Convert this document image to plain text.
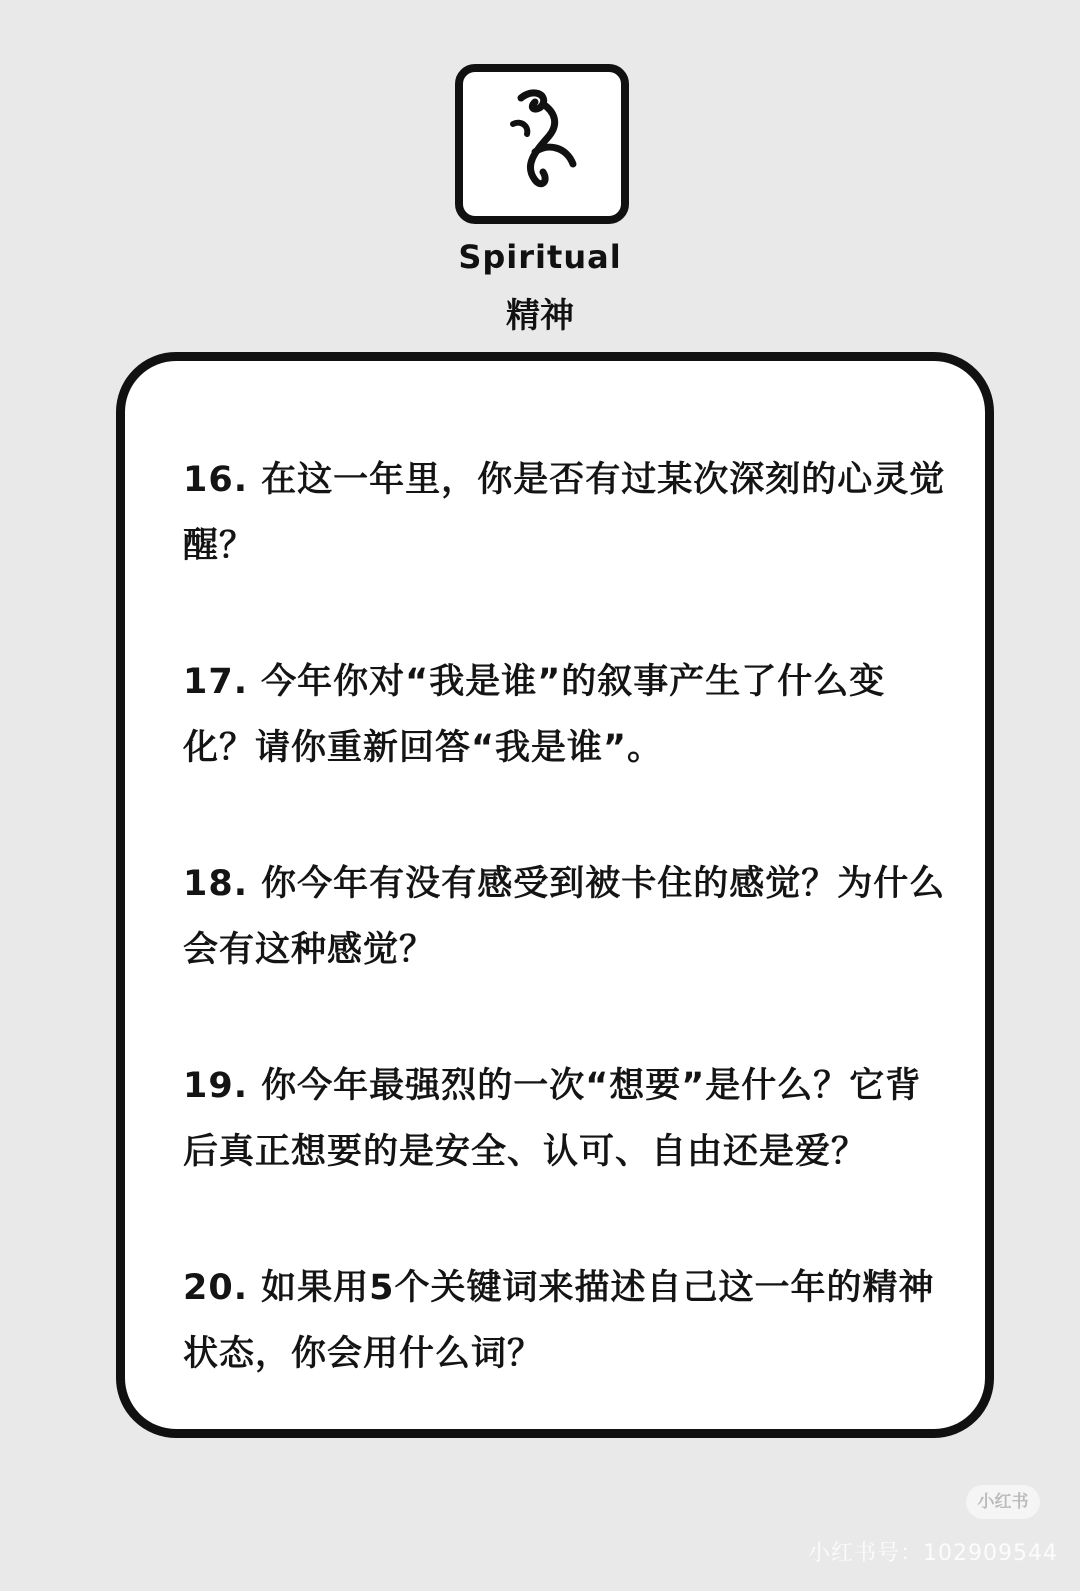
Spiritual
精神
16. 在这一年里，你是否有过某次深刻的心灵觉醒？
17. 今年你对“我是谁”的叙事产生了什么变化？请你重新回答“我是谁”。
18. 你今年有没有感受到被卡住的感觉？为什么会有这种感觉？
19. 你今年最强烈的一次“想要”是什么？它背后真正想要的是安全、认可、自由还是爱？
20. 如果用5个关键词来描述自己这一年的精神状态，你会用什么词？
小红书
小红书号：102909544
